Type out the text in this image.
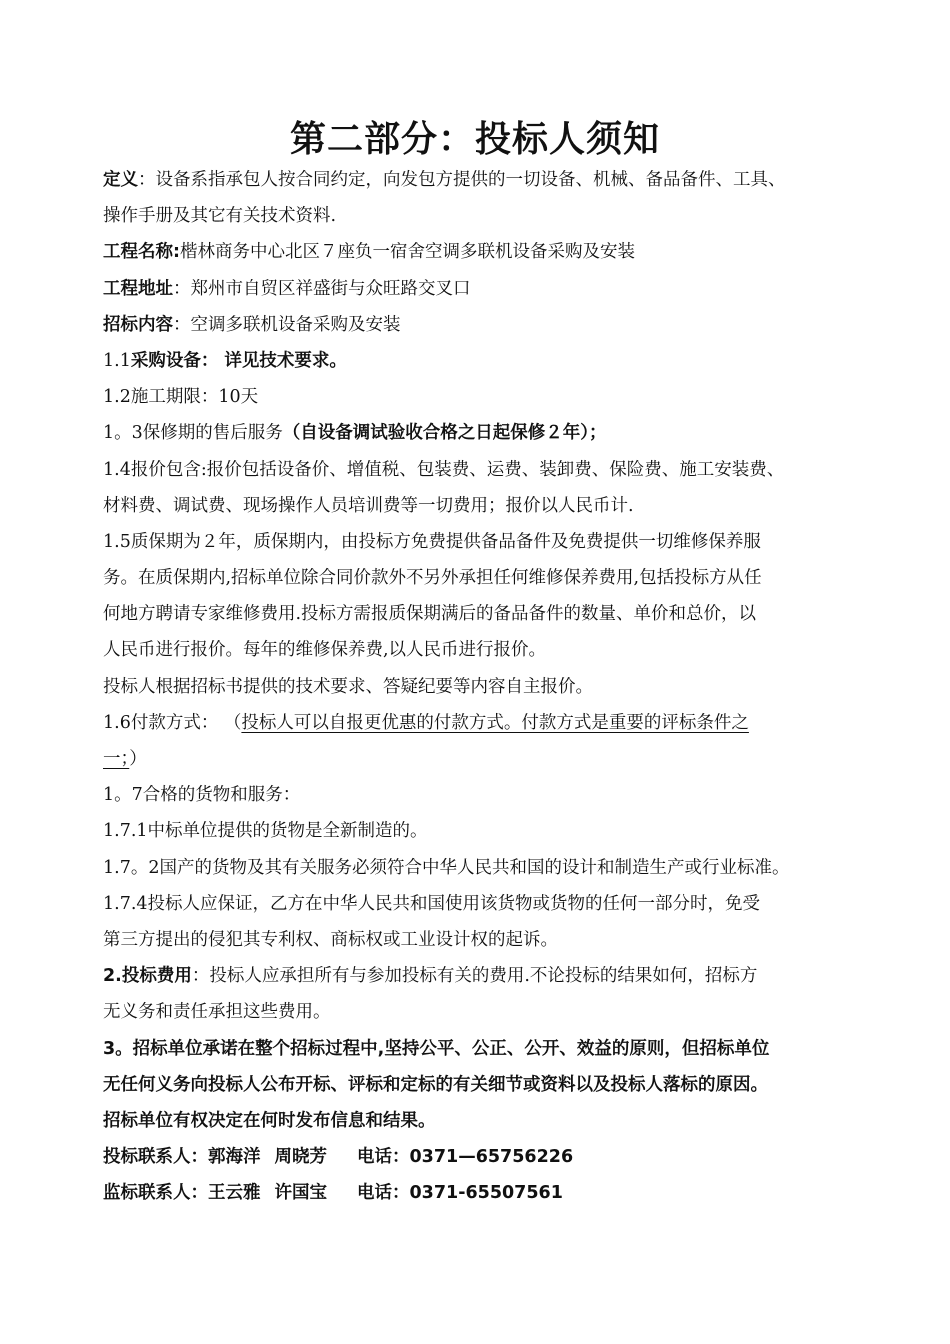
第二部分：投标人须知
定义：设备系指承包人按合同约定，向发包方提供的一切设备、机械、备品备件、工具、
操作手册及其它有关技术资料.
工程名称:楷林商务中心北区７座负一宿舍空调多联机设备采购及安装
工程地址：郑州市自贸区祥盛街与众旺路交叉口
招标内容：空调多联机设备采购及安装
1.1采购设备： 详见技术要求。
1.2施工期限：10天
1。3保修期的售后服务（自设备调试验收合格之日起保修２年）；
1.4报价包含:报价包括设备价、增值税、包装费、运费、装卸费、保险费、施工安装费、
材料费、调试费、现场操作人员培训费等一切费用；报价以人民币计.
1.5质保期为２年，质保期内，由投标方免费提供备品备件及免费提供一切维修保养服
务。在质保期内,招标单位除合同价款外不另外承担任何维修保养费用,包括投标方从任
何地方聘请专家维修费用.投标方需报质保期满后的备品备件的数量、单价和总价，以
人民币进行报价。每年的维修保养费,以人民币进行报价。
投标人根据招标书提供的技术要求、答疑纪要等内容自主报价。
1.6付款方式： （投标人可以自报更优惠的付款方式。付款方式是重要的评标条件之
一；）
1。7合格的货物和服务：
1.7.1中标单位提供的货物是全新制造的。
1.7。2国产的货物及其有关服务必须符合中华人民共和国的设计和制造生产或行业标准。
1.7.4投标人应保证，乙方在中华人民共和国使用该货物或货物的任何一部分时，免受
第三方提出的侵犯其专利权、商标权或工业设计权的起诉。
2.投标费用：投标人应承担所有与参加投标有关的费用.不论投标的结果如何，招标方
无义务和责任承担这些费用。
3。招标单位承诺在整个招标过程中,坚持公平、公正、公开、效益的原则，但招标单位
无任何义务向投标人公布开标、评标和定标的有关细节或资料以及投标人落标的原因。
招标单位有权决定在何时发布信息和结果。
投标联系人：郭海洋 周晓芳 电话：0371—65756226
监标联系人：王云雅 许国宝 电话：0371-65507561
